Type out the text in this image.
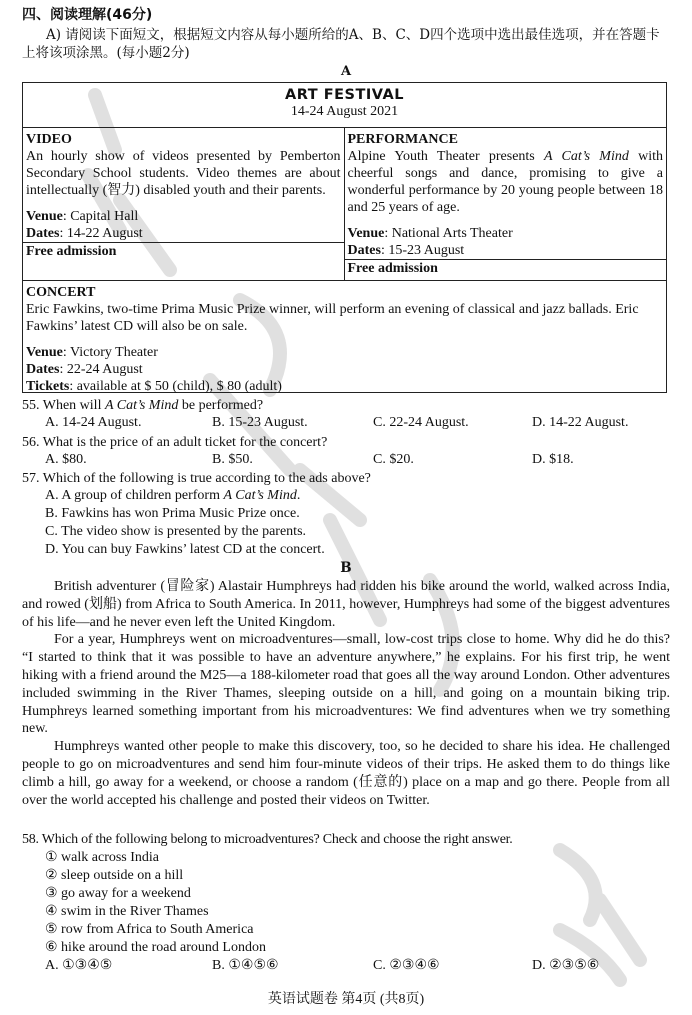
四、阅读理解(46分)
A) 请阅读下面短文，根据短文内容从每小题所给的A、B、C、D四个选项中选出最佳选项，并在答题卡上将该项涂黑。(每小题2分)
A
ART FESTIVAL
14-24 August 2021
VIDEO

An hourly show of videos presented by Pemberton Secondary School students. Video themes are about intellectually (智力) disabled youth and their parents.

Venue: Capital Hall
Dates: 14-22 August
Free admission
PERFORMANCE

Alpine Youth Theater presents A Cat’s Mind with cheerful songs and dance, promising to give a wonderful performance by 20 young people between 18 and 25 years of age.

Venue: National Arts Theater
Dates: 15-23 August
Free admission
CONCERT

Eric Fawkins, two-time Prima Music Prize winner, will perform an evening of classical and jazz ballads. Eric Fawkins’ latest CD will also be on sale.

Venue: Victory Theater
Dates: 22-24 August
Tickets: available at $ 50 (child), $ 80 (adult)
55. When will A Cat’s Mind be performed?
A. 14-24 August.	B. 15-23 August.	C. 22-24 August.	D. 14-22 August.
56. What is the price of an adult ticket for the concert?
A. $80.	B. $50.	C. $20.	D. $18.
57. Which of the following is true according to the ads above?
A. A group of children perform A Cat’s Mind.
B. Fawkins has won Prima Music Prize once.
C. The video show is presented by the parents.
D. You can buy Fawkins’ latest CD at the concert.
B

British adventurer (冒险家) Alastair Humphreys had ridden his bike around the world, walked across India, and rowed (划船) from Africa to South America. In 2011, however, Humphreys had some of the biggest adventures of his life—and he never even left the United Kingdom.

For a year, Humphreys went on microadventures—small, low-cost trips close to home. Why did he do this? “I started to think that it was possible to have an adventure anywhere,” he explains. For his first trip, he went hiking with a friend around the M25—a 188-kilometer road that goes all the way around London. Other adventures included swimming in the River Thames, sleeping outside on a hill, and going on a mountain biking trip. Humphreys learned something important from his microadventures: We find adventures when we try something new.

Humphreys wanted other people to make this discovery, too, so he decided to share his idea. He challenged people to go on microadventures and send him four-minute videos of their trips. He asked them to do things like climb a hill, go away for a weekend, or choose a random (任意的) place on a map and go there. People from all over the world accepted his challenge and posted their videos on Twitter.

58. Which of the following belong to microadventures? Check and choose the right answer.
① walk across India
② sleep outside on a hill
③ go away for a weekend
④ swim in the River Thames
⑤ row from Africa to South America
⑥ hike around the road around London
A. ①③④⑤	B. ①④⑤⑥	C. ②③④⑥	D. ②③⑤⑥
英语试题卷 第4页 (共8页)
